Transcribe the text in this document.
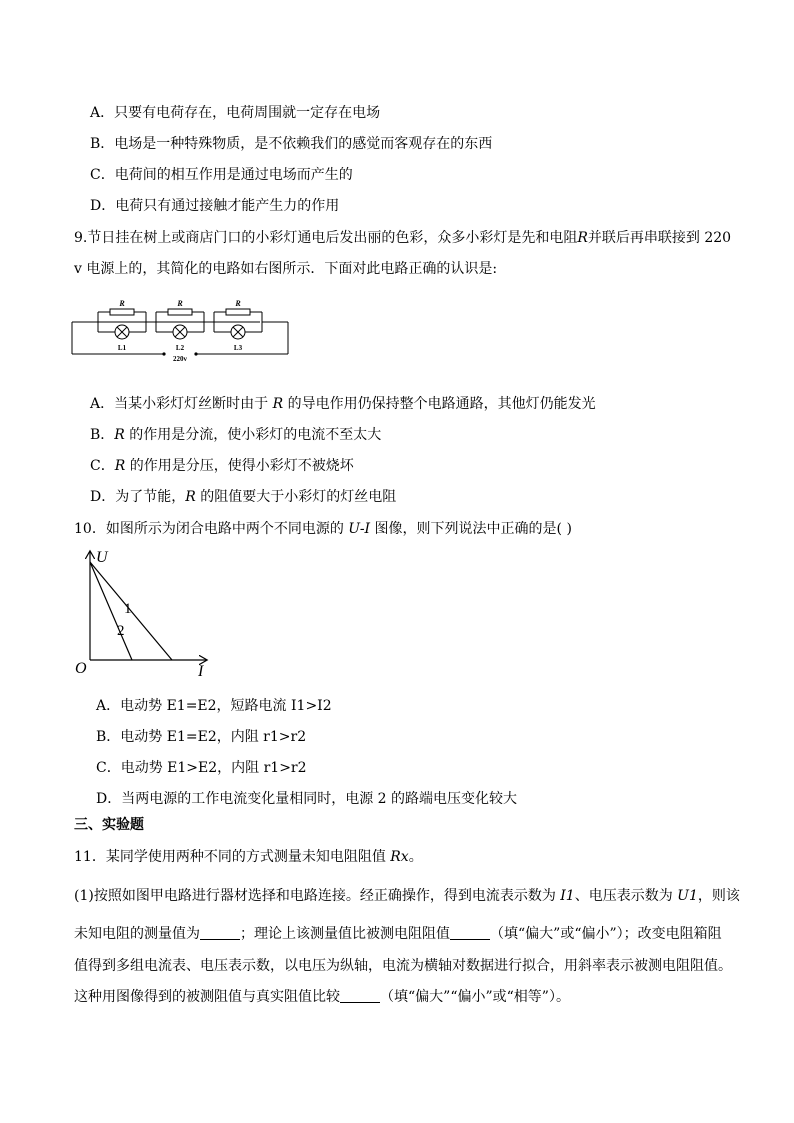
A．只要有电荷存在，电荷周围就一定存在电场
B．电场是一种特殊物质，是不依赖我们的感觉而客观存在的东西
C．电荷间的相互作用是通过电场而产生的
D．电荷只有通过接触才能产生力的作用
9.节日挂在树上或商店门口的小彩灯通电后发出丽的色彩，众多小彩灯是先和电阻R并联后再串联接到 220
v 电源上的，其简化的电路如右图所示．下面对此电路正确的认识是:
R	R	R
L1	L2	L3
220v
A．当某小彩灯灯丝断时由于 R 的导电作用仍保持整个电路通路，其他灯仍能发光
B．R 的作用是分流，使小彩灯的电流不至太大
C．R 的作用是分压，使得小彩灯不被烧坏
D．为了节能，R 的阻值要大于小彩灯的灯丝电阻
10．如图所示为闭合电路中两个不同电源的 U-I 图像，则下列说法中正确的是( )
U
I
O
1
2
A．电动势 E1=E2，短路电流 I1>I2
B．电动势 E1=E2，内阻 r1>r2
C．电动势 E1>E2，内阻 r1>r2
D．当两电源的工作电流变化量相同时，电源 2 的路端电压变化较大
三、实验题
11．某同学使用两种不同的方式测量未知电阻阻值 Rx。
(1)按照如图甲电路进行器材选择和电路连接。经正确操作，得到电流表示数为 I1、电压表示数为 U1，则该
未知电阻的测量值为	；理论上该测量值比被测电阻阻值	（填“偏大”或“偏小”）；改变电阻箱阻
值得到多组电流表、电压表示数，以电压为纵轴，电流为横轴对数据进行拟合，用斜率表示被测电阻阻值。
这种用图像得到的被测阻值与真实阻值比较	（填“偏大”“偏小”或“相等”）。
